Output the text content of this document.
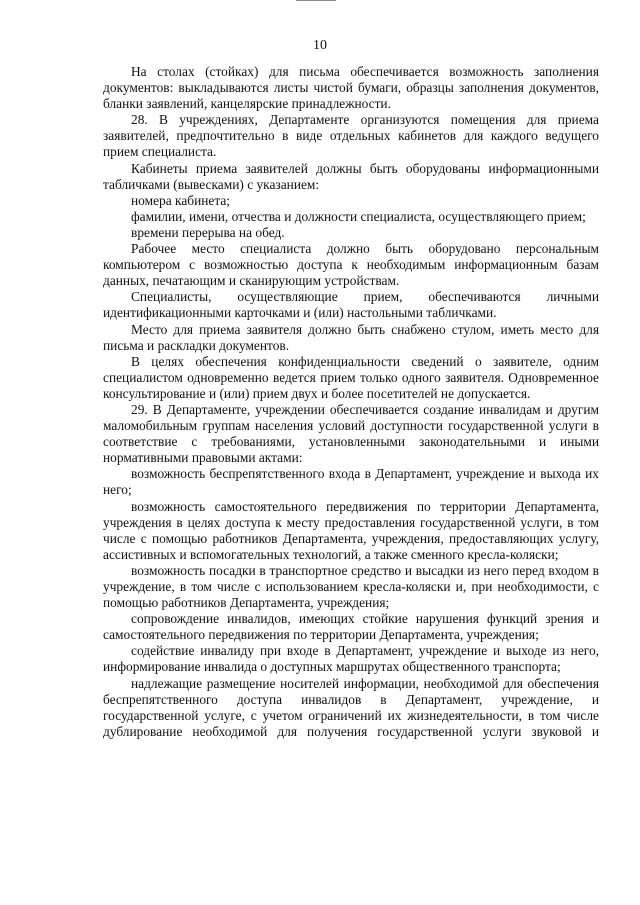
10

На столах (стойках) для письма обеспечивается возможность заполнения документов: выкладываются листы чистой бумаги, образцы заполнения документов, бланки заявлений, канцелярские принадлежности.

28. В учреждениях, Департаменте организуются помещения для приема заявителей, предпочтительно в виде отдельных кабинетов для каждого ведущего прием специалиста.

Кабинеты приема заявителей должны быть оборудованы информационными табличками (вывесками) с указанием:

номера кабинета;

фамилии, имени, отчества и должности специалиста, осуществляющего прием;

времени перерыва на обед.

Рабочее место специалиста должно быть оборудовано персональным компьютером с возможностью доступа к необходимым информационным базам данных, печатающим и сканирующим устройствам.

Специалисты, осуществляющие прием, обеспечиваются личными идентификационными карточками и (или) настольными табличками.

Место для приема заявителя должно быть снабжено стулом, иметь место для письма и раскладки документов.

В целях обеспечения конфиденциальности сведений о заявителе, одним специалистом одновременно ведется прием только одного заявителя. Одновременное консультирование и (или) прием двух и более посетителей не допускается.

29. В Департаменте, учреждении обеспечивается создание инвалидам и другим маломобильным группам населения условий доступности государственной услуги в соответствие с требованиями, установленными законодательными и иными нормативными правовыми актами:

возможность беспрепятственного входа в Департамент, учреждение и выхода их него;

возможность самостоятельного передвижения по территории Департамента, учреждения в целях доступа к месту предоставления государственной услуги, в том числе с помощью работников Департамента, учреждения, предоставляющих услугу, ассистивных и вспомогательных технологий, а также сменного кресла-коляски;

возможность посадки в транспортное средство и высадки из него перед входом в учреждение, в том числе с использованием кресла-коляски и, при необходимости, с помощью работников Департамента, учреждения;

сопровождение инвалидов, имеющих стойкие нарушения функций зрения и самостоятельного передвижения по территории Департамента, учреждения;

содействие инвалиду при входе в Департамент, учреждение и выходе из него, информирование инвалида о доступных маршрутах общественного транспорта;

надлежащие размещение носителей информации, необходимой для обеспечения беспрепятственного доступа инвалидов в Департамент, учреждение, и государственной услуге, с учетом ограничений их жизнедеятельности, в том числе дублирование необходимой для получения государственной услуги звуковой и
